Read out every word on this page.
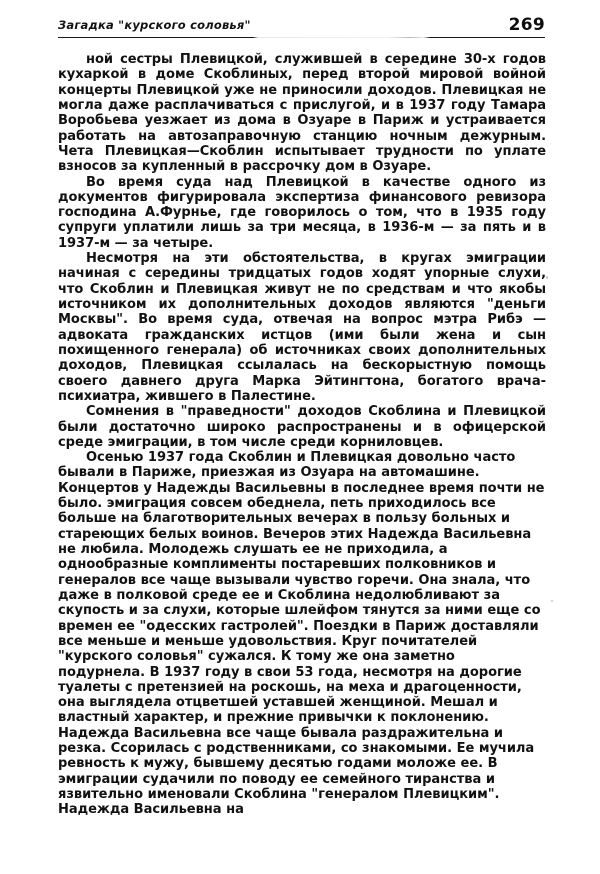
Загадка "курского соловья"	269

ной сестры Плевицкой, служившей в середине 30-х годов кухаркой в доме Скоблиных, перед второй мировой войной концерты Плевицкой уже не приносили доходов. Плевицкая не могла даже расплачиваться с прислугой, и в 1937 году Тамара Воробьева уезжает из дома в Озуаре в Париж и устраивается работать на автозаправочную станцию ночным дежурным. Чета Плевицкая—Скоблин испытывает трудности по уплате взносов за купленный в рассрочку дом в Озуаре.

Во время суда над Плевицкой в качестве одного из документов фигурировала экспертиза финансового ревизора господина А.Фурнье, где говорилось о том, что в 1935 году супруги уплатили лишь за три месяца, в 1936-м — за пять и в 1937-м — за четыре.

Несмотря на эти обстоятельства, в кругах эмиграции начиная с середины тридцатых годов ходят упорные слухи, что Скоблин и Плевицкая живут не по средствам и что якобы источником их дополнительных доходов являются "деньги Москвы". Во время суда, отвечая на вопрос мэтра Рибэ — адвоката гражданских истцов (ими были жена и сын похищенного генерала) об источниках своих дополнительных доходов, Плевицкая ссылалась на бескорыстную помощь своего давнего друга Марка Эйтингтона, богатого врача-психиатра, жившего в Палестине.

Сомнения в "праведности" доходов Скоблина и Плевицкой были достаточно широко распространены и в офицерской среде эмиграции, в том числе среди корниловцев.

Осенью 1937 года Скоблин и Плевицкая довольно часто бывали в Париже, приезжая из Озуара на автомашине. Концертов у Надежды Васильевны в последнее время почти не было. эмиграция совсем обеднела, петь приходилось все больше на благотворительных вечерах в пользу больных и стареющих белых воинов. Вечеров этих Надежда Васильевна не любила. Молодежь слушать ее не приходила, а однообразные комплименты постаревших полковников и генералов все чаще вызывали чувство горечи. Она знала, что даже в полковой среде ее и Скоблина недолюбливают за скупость и за слухи, которые шлейфом тянутся за ними еще со времен ее "одесских гастролей". Поездки в Париж доставляли все меньше и меньше удовольствия. Круг почитателей "курского соловья" сужался. К тому же она заметно подурнела. В 1937 году в свои 53 года, несмотря на дорогие туалеты с претензией на роскошь, на меха и драгоценности, она выглядела отцветшей уставшей женщиной. Мешал и властный характер, и прежние привычки к поклонению. Надежда Васильевна все чаще бывала раздражительна и резка. Ссорилась с родственниками, со знакомыми. Ее мучила ревность к мужу, бывшему десятью годами моложе ее. В эмиграции судачили по поводу ее семейного тиранства и язвительно именовали Скоблина "генералом Плевицким". Надежда Васильевна на
